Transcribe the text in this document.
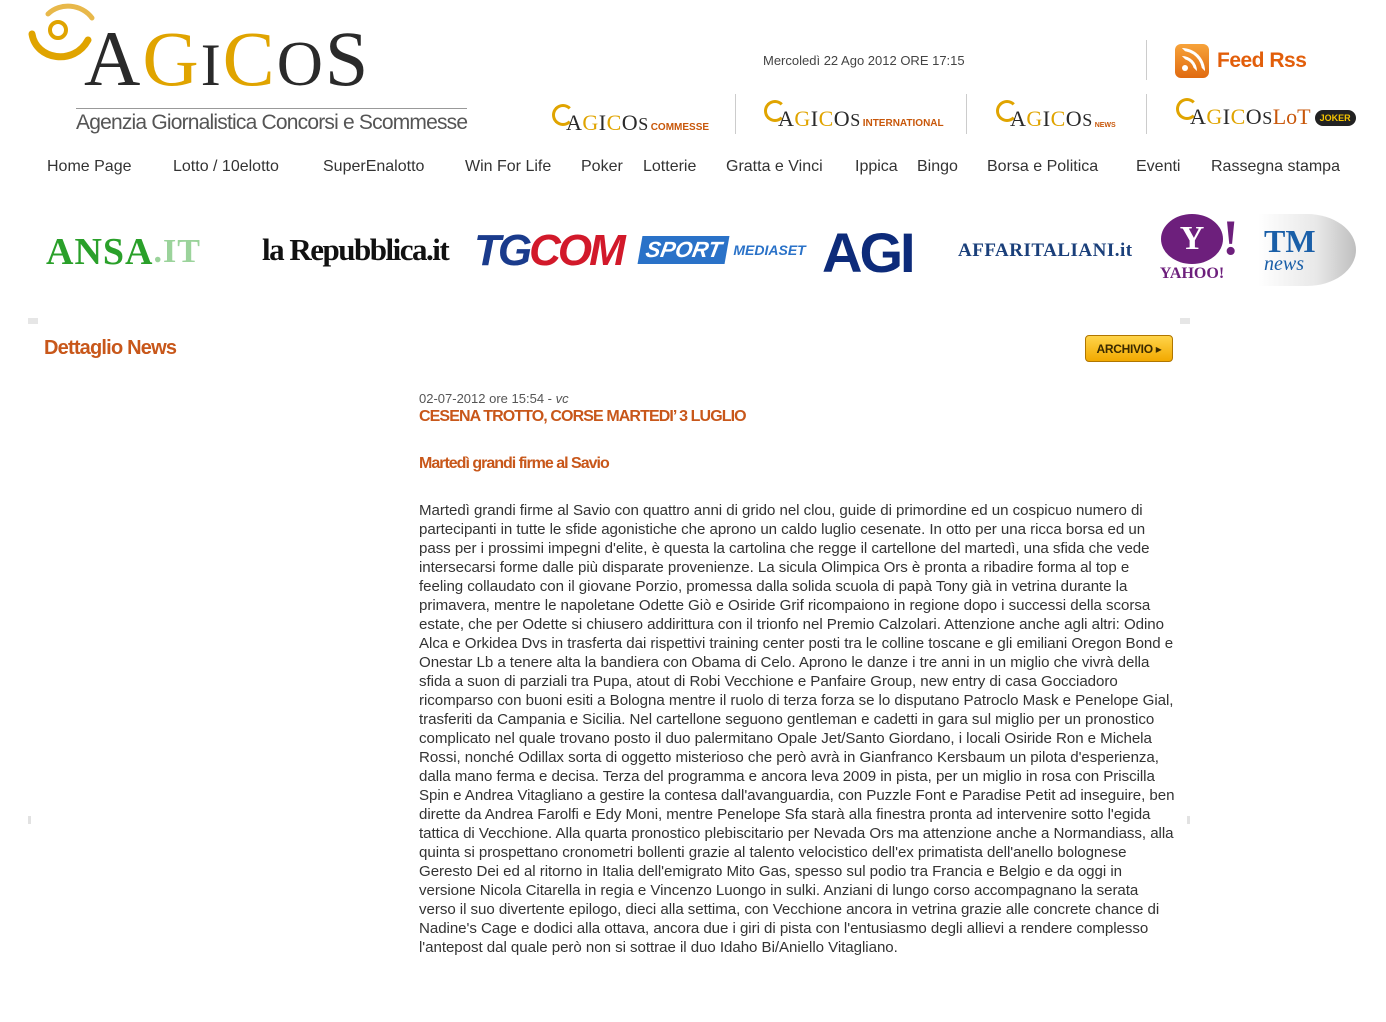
AGICOS
Agenzia Giornalistica Concorsi e Scommesse
Mercoledì 22 Ago 2012 ORE 17:15	Feed Rss
AGICOS COMMESSE	AGICOS INTERNATIONAL	AGICOS NEWS	AGICOS LoT	JOKER
Home Page	Lotto / 10elotto	SuperEnalotto	Win For Life Poker Lotterie Gratta e Vinci Ippica Bingo Borsa e Politica Eventi Rassegna stampa
ANSA .IT la Repubblica.it TG COM SPORT MEDIASET AGI AFFARITALIANI.it Y !
YAHOO!
TM
news
Dettaglio News	ARCHIVIO ▸
02-07-2012 ore 15:54 - vc
CESENA TROTTO, CORSE MARTEDI’ 3 LUGLIO
Martedì grandi firme al Savio

Martedì grandi firme al Savio con quattro anni di grido nel clou, guide di primordine ed un cospicuo numero di partecipanti in tutte le sfide agonistiche che aprono un caldo luglio cesenate. In otto per una ricca borsa ed un pass per i prossimi impegni d'elite, è questa la cartolina che regge il cartellone del martedì, una sfida che vede intersecarsi forme dalle più disparate provenienze. La sicula Olimpica Ors è pronta a ribadire forma al top e feeling collaudato con il giovane Porzio, promessa dalla solida scuola di papà Tony già in vetrina durante la primavera, mentre le napoletane Odette Giò e Osiride Grif ricompaiono in regione dopo i successi della scorsa estate, che per Odette si chiusero addirittura con il trionfo nel Premio Calzolari. Attenzione anche agli altri: Odino Alca e Orkidea Dvs in trasferta dai rispettivi training center posti tra le colline toscane e gli emiliani Oregon Bond e Onestar Lb a tenere alta la bandiera con Obama di Celo. Aprono le danze i tre anni in un miglio che vivrà della sfida a suon di parziali tra Pupa, atout di Robi Vecchione e Panfaire Group, new entry di casa Gocciadoro ricomparso con buoni esiti a Bologna mentre il ruolo di terza forza se lo disputano Patroclo Mask e Penelope Gial, trasferiti da Campania e Sicilia. Nel cartellone seguono gentleman e cadetti in gara sul miglio per un pronostico complicato nel quale trovano posto il duo palermitano Opale Jet/Santo Giordano, i locali Osiride Ron e Michela Rossi, nonché Odillax sorta di oggetto misterioso che però avrà in Gianfranco Kersbaum un pilota d'esperienza, dalla mano ferma e decisa. Terza del programma e ancora leva 2009 in pista, per un miglio in rosa con Priscilla Spin e Andrea Vitagliano a gestire la contesa dall'avanguardia, con Puzzle Font e Paradise Petit ad inseguire, ben dirette da Andrea Farolfi e Edy Moni, mentre Penelope Sfa starà alla finestra pronta ad intervenire sotto l'egida tattica di Vecchione. Alla quarta pronostico plebiscitario per Nevada Ors ma attenzione anche a Normandiass, alla quinta si prospettano cronometri bollenti grazie al talento velocistico dell'ex primatista dell'anello bolognese Geresto Dei ed al ritorno in Italia dell'emigrato Mito Gas, spesso sul podio tra Francia e Belgio e da oggi in versione Nicola Citarella in regia e Vincenzo Luongo in sulki. Anziani di lungo corso accompagnano la serata verso il suo divertente epilogo, dieci alla settima, con Vecchione ancora in vetrina grazie alle concrete chance di Nadine's Cage e dodici alla ottava, ancora due i giri di pista con l'entusiasmo degli allievi a rendere complesso l'antepost dal quale però non si sottrae il duo Idaho Bi/Aniello Vitagliano.
